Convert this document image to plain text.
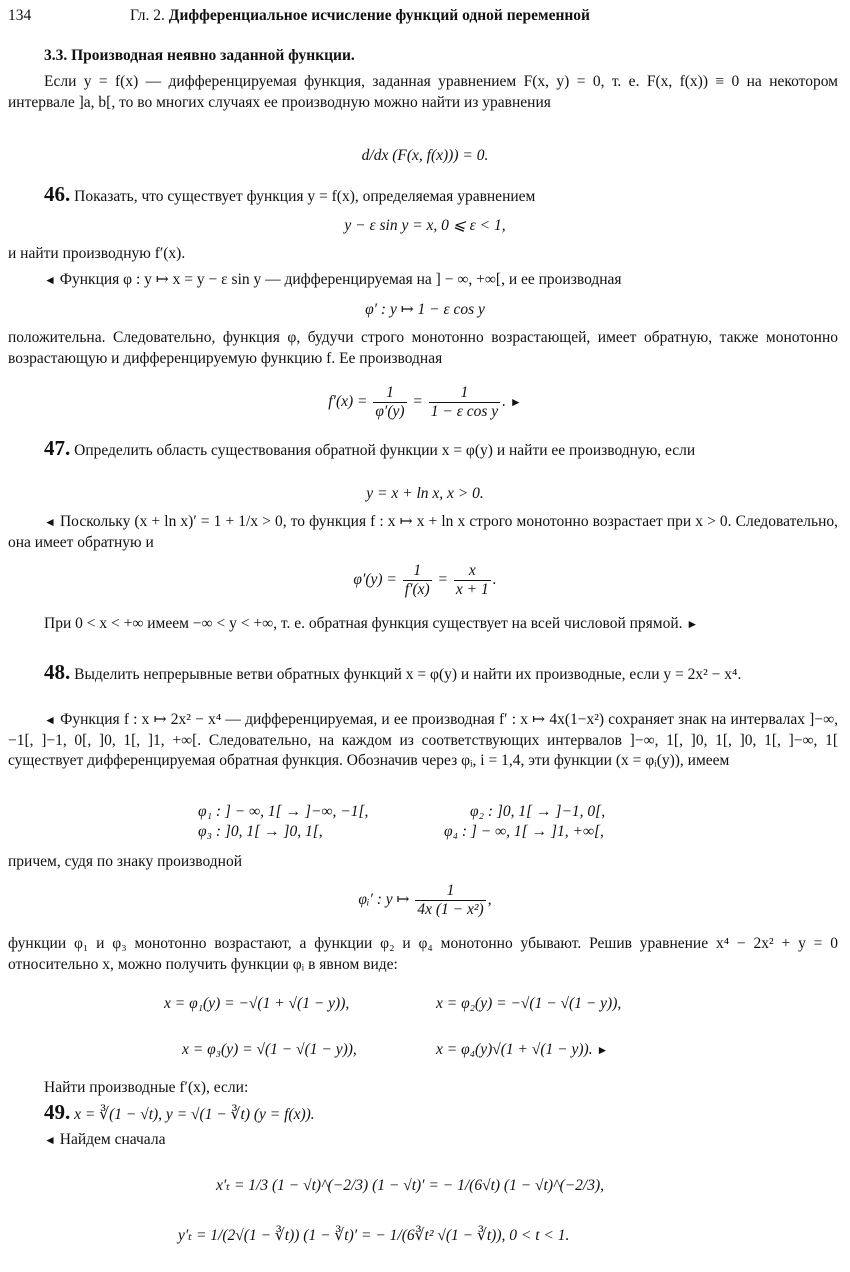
134	Гл. 2. Дифференциальное исчисление функций одной переменной
3.3. Производная неявно заданной функции.
Если y = f(x) — дифференцируемая функция, заданная уравнением F(x, y) = 0, т. е. F(x, f(x)) ≡ 0 на некотором интервале ]a, b[, то во многих случаях ее производную можно найти из уравнения
d/dx (F(x, f(x))) = 0.
46. Показать, что существует функция y = f(x), определяемая уравнением
y − ε sin y = x, 0 ⩽ ε < 1,
и найти производную f′(x).
◄ Функция φ : y ↦ x = y − ε sin y — дифференцируемая на ] − ∞, +∞[, и ее производная
φ′ : y ↦ 1 − ε cos y
положительна. Следовательно, функция φ, будучи строго монотонно возрастающей, имеет обратную, также монотонно возрастающую и дифференцируемую функцию f. Ее производная
$f'(x) = \frac{1}{\varphi'(y)} = \frac{1}{\text{1 − ε cos y}}$ . ►
47. Определить область существования обратной функции x = φ(y) и найти ее производную, если
y = x + ln x, x > 0.
◄ Поскольку (x + ln x)′ = 1 + 1/x > 0, то функция f : x ↦ x + ln x строго монотонно возрастает при x > 0. Следовательно, она имеет обратную и
$\varphi'(y) = \frac{1}{f'(x)} = \frac{x}{x + 1}$ .
При 0 < x < +∞ имеем −∞ < y < +∞, т. е. обратная функция существует на всей числовой прямой. ►
48. Выделить непрерывные ветви обратных функций x = φ(y) и найти их производные, если y = 2x² − x⁴.
◄ Функция f : x ↦ 2x² − x⁴ — дифференцируемая, и ее производная f′ : x ↦ 4x(1−x²) сохраняет знак на интервалах ]−∞, −1[, ]−1, 0[, ]0, 1[, ]1, +∞[. Следовательно, на каждом из соответствующих интервалов ]−∞, 1[, ]0, 1[, ]0, 1[, ]−∞, 1[ существует дифференцируемая обратная функция. Обозначив через φᵢ, i = 1,4, эти функции (x = φᵢ(y)), имеем
φ₁ : ] − ∞, 1[ → ]−∞, −1[,	φ₂ : ]0, 1[ → ]−1, 0[,
φ₃ : ]0, 1[ → ]0, 1[,	φ₄ : ] − ∞, 1[ → ]1, +∞[,
причем, судя по знаку производной
φᵢ′ : y ↦ $\frac{1}{\text{4x (1 − x²)}}$ ,
функции φ₁ и φ₃ монотонно возрастают, а функции φ₂ и φ₄ монотонно убывают. Решив уравнение x⁴ − 2x² + y = 0 относительно x, можно получить функции φᵢ в явном виде:
x = φ₁(y) = −√(1 + √(1 − y)),	x = φ₂(y) = −√(1 − √(1 − y)),
x = φ₃(y) = √(1 − √(1 − y)),	x = φ₄(y)√(1 + √(1 − y)). ►
Найти производные f′(x), если:
49. x = ∛(1 − √t), y = √(1 − ∛t) (y = f(x)).
◄ Найдем сначала
x′ₜ = 1/3 (1 − √t)^(−2/3) (1 − √t)′ = − 1/(6√t) (1 − √t)^(−2/3),
y′ₜ = 1/(2√(1 − ∛t)) (1 − ∛t)′ = − 1/(6∛t² √(1 − ∛t)), 0 < t < 1.
